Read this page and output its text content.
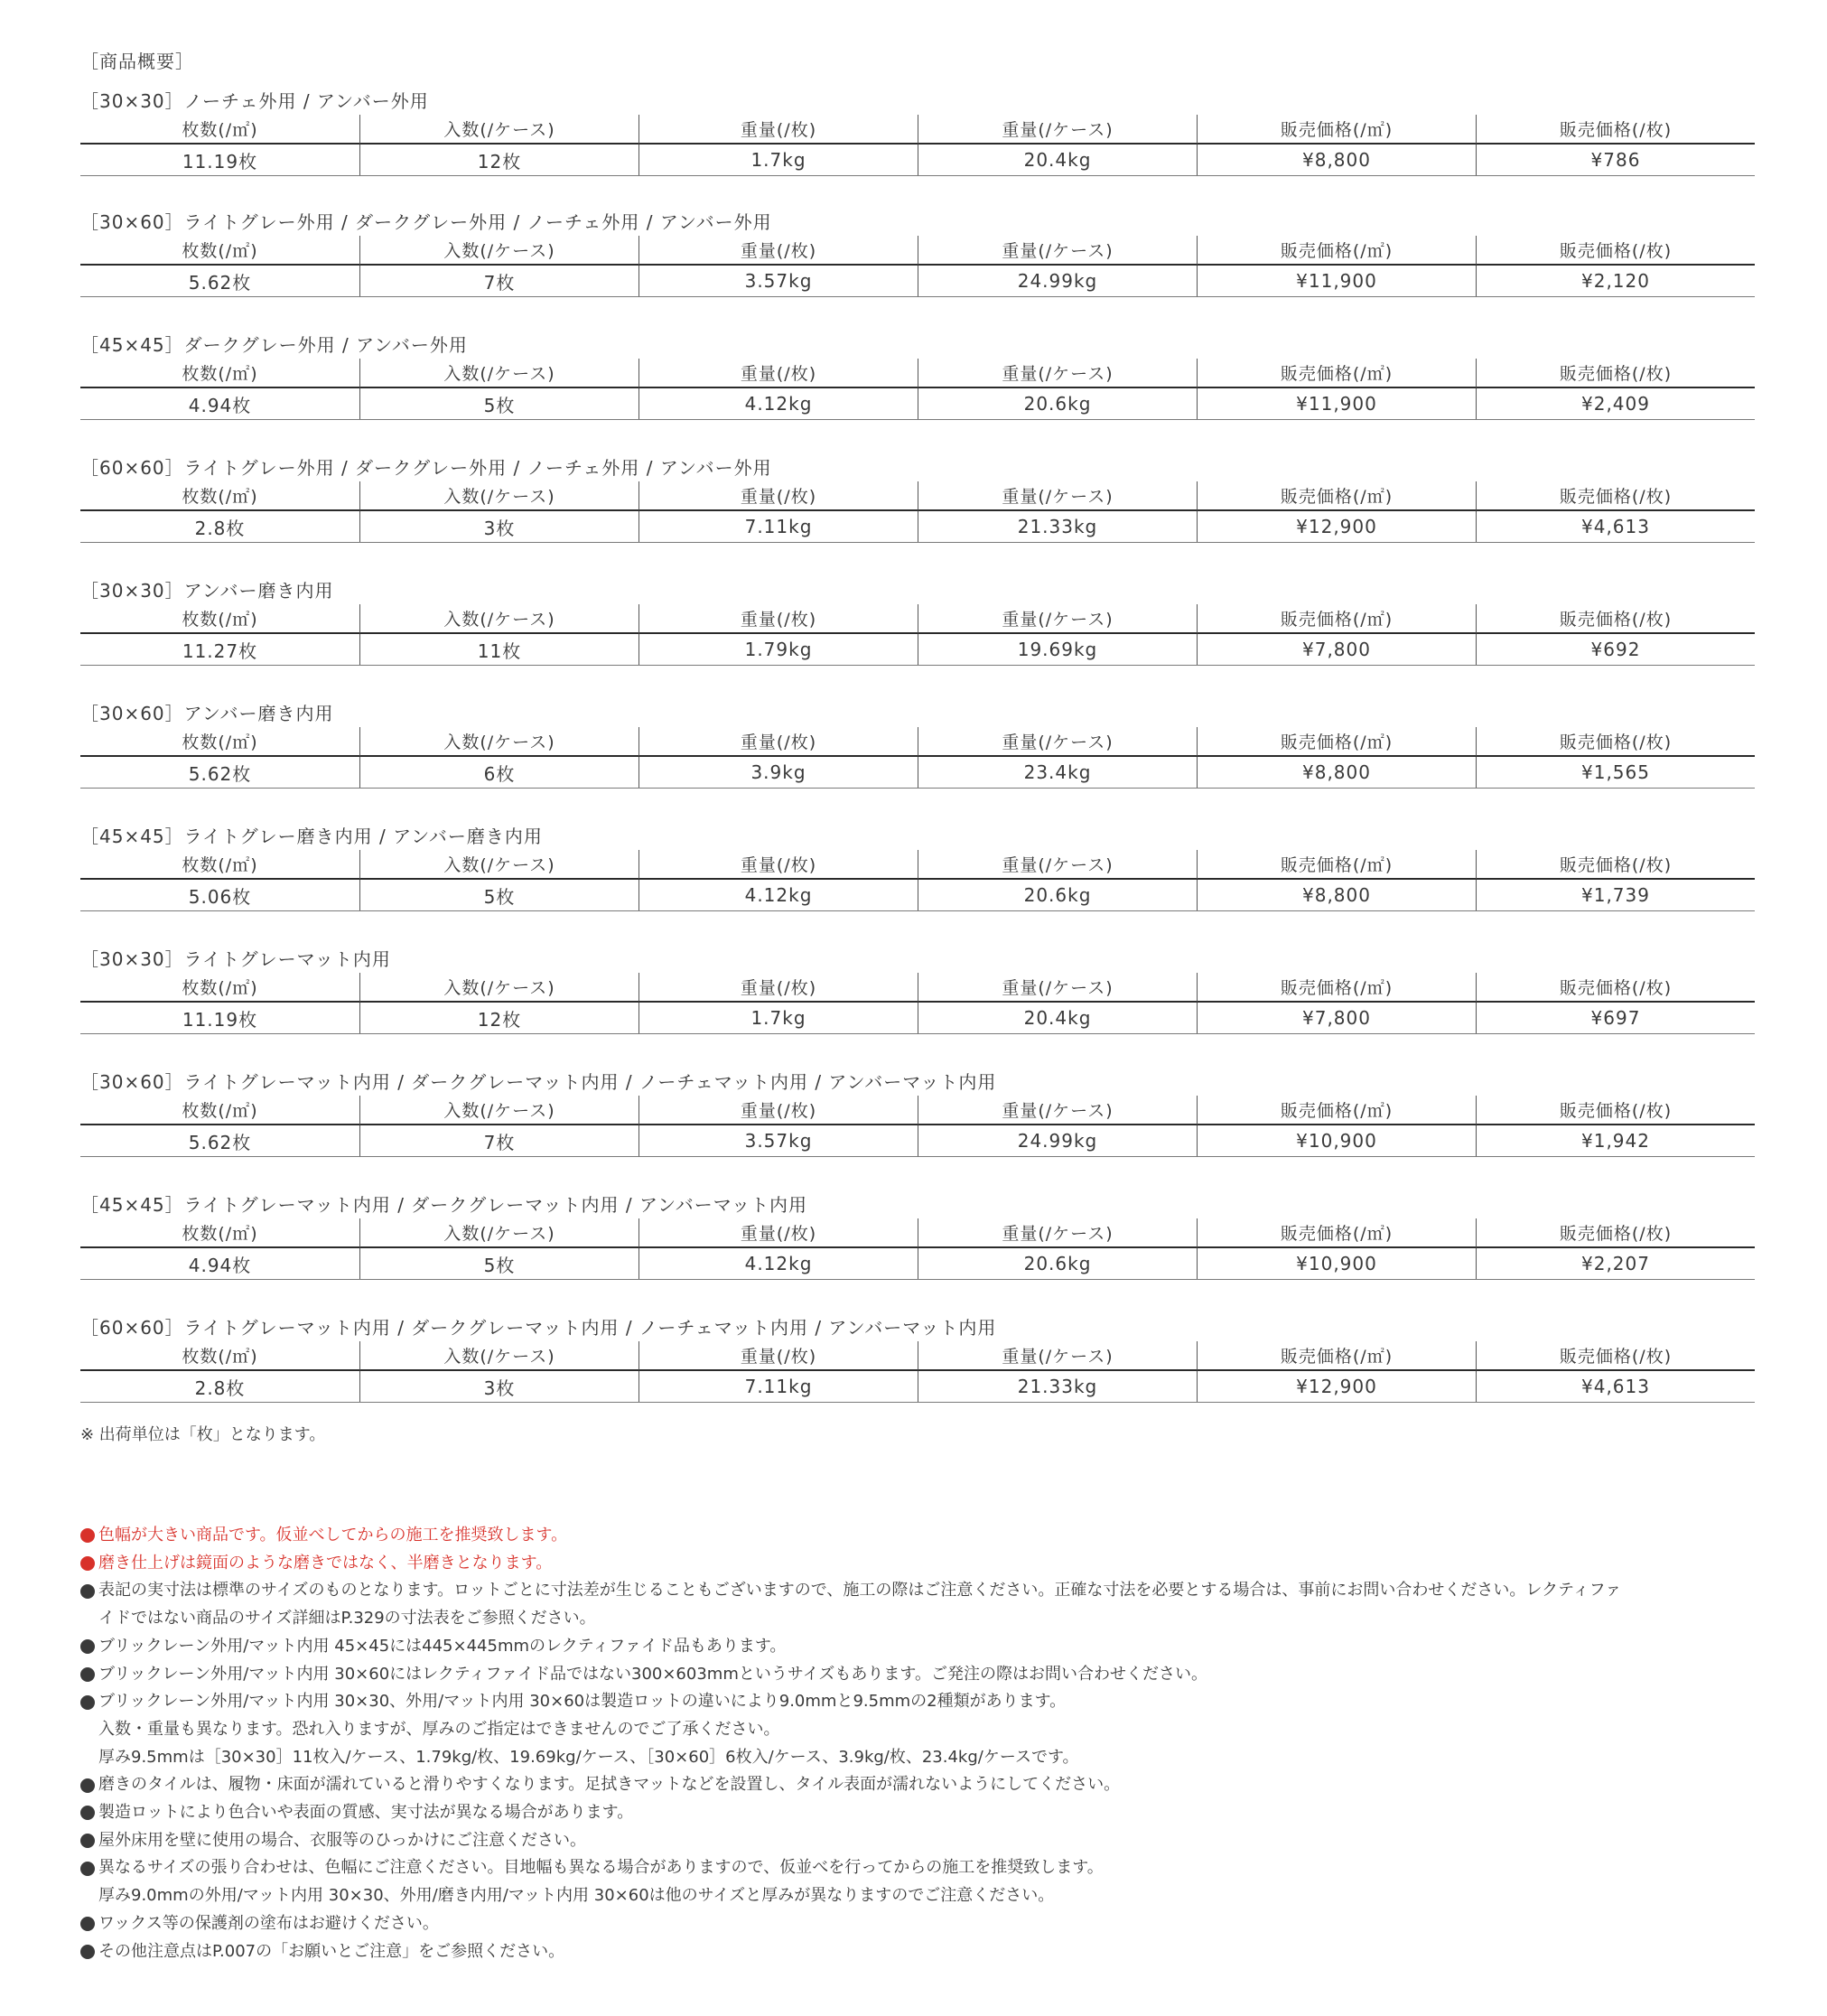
［商品概要］
［30×30］ノーチェ外用 / アンバー外用
枚数(/㎡)	入数(/ケース)	重量(/枚)	重量(/ケース)	販売価格(/㎡)	販売価格(/枚)
11.19枚	12枚	1.7kg	20.4kg	¥8,800	¥786
［30×60］ライトグレー外用 / ダークグレー外用 / ノーチェ外用 / アンバー外用
枚数(/㎡)	入数(/ケース)	重量(/枚)	重量(/ケース)	販売価格(/㎡)	販売価格(/枚)
5.62枚	7枚	3.57kg	24.99kg	¥11,900	¥2,120
［45×45］ダークグレー外用 / アンバー外用
枚数(/㎡)	入数(/ケース)	重量(/枚)	重量(/ケース)	販売価格(/㎡)	販売価格(/枚)
4.94枚	5枚	4.12kg	20.6kg	¥11,900	¥2,409
［60×60］ライトグレー外用 / ダークグレー外用 / ノーチェ外用 / アンバー外用
枚数(/㎡)	入数(/ケース)	重量(/枚)	重量(/ケース)	販売価格(/㎡)	販売価格(/枚)
2.8枚	3枚	7.11kg	21.33kg	¥12,900	¥4,613
［30×30］アンバー磨き内用
枚数(/㎡)	入数(/ケース)	重量(/枚)	重量(/ケース)	販売価格(/㎡)	販売価格(/枚)
11.27枚	11枚	1.79kg	19.69kg	¥7,800	¥692
［30×60］アンバー磨き内用
枚数(/㎡)	入数(/ケース)	重量(/枚)	重量(/ケース)	販売価格(/㎡)	販売価格(/枚)
5.62枚	6枚	3.9kg	23.4kg	¥8,800	¥1,565
［45×45］ライトグレー磨き内用 / アンバー磨き内用
枚数(/㎡)	入数(/ケース)	重量(/枚)	重量(/ケース)	販売価格(/㎡)	販売価格(/枚)
5.06枚	5枚	4.12kg	20.6kg	¥8,800	¥1,739
［30×30］ライトグレーマット内用
枚数(/㎡)	入数(/ケース)	重量(/枚)	重量(/ケース)	販売価格(/㎡)	販売価格(/枚)
11.19枚	12枚	1.7kg	20.4kg	¥7,800	¥697
［30×60］ライトグレーマット内用 / ダークグレーマット内用 / ノーチェマット内用 / アンバーマット内用
枚数(/㎡)	入数(/ケース)	重量(/枚)	重量(/ケース)	販売価格(/㎡)	販売価格(/枚)
5.62枚	7枚	3.57kg	24.99kg	¥10,900	¥1,942
［45×45］ライトグレーマット内用 / ダークグレーマット内用 / アンバーマット内用
枚数(/㎡)	入数(/ケース)	重量(/枚)	重量(/ケース)	販売価格(/㎡)	販売価格(/枚)
4.94枚	5枚	4.12kg	20.6kg	¥10,900	¥2,207
［60×60］ライトグレーマット内用 / ダークグレーマット内用 / ノーチェマット内用 / アンバーマット内用
枚数(/㎡)	入数(/ケース)	重量(/枚)	重量(/ケース)	販売価格(/㎡)	販売価格(/枚)
2.8枚	3枚	7.11kg	21.33kg	¥12,900	¥4,613
※ 出荷単位は「枚」となります。
色幅が大きい商品です。仮並べしてからの施工を推奨致します。
磨き仕上げは鏡面のような磨きではなく、半磨きとなります。
表記の実寸法は標準のサイズのものとなります。ロットごとに寸法差が生じることもございますので、施工の際はご注意ください。正確な寸法を必要とする場合は、事前にお問い合わせください。レクティファ
イドではない商品のサイズ詳細はP.329の寸法表をご参照ください。
ブリックレーン外用/マット内用 45×45には445×445mmのレクティファイド品もあります。
ブリックレーン外用/マット内用 30×60にはレクティファイド品ではない300×603mmというサイズもあります。ご発注の際はお問い合わせください。
ブリックレーン外用/マット内用 30×30、外用/マット内用 30×60は製造ロットの違いにより9.0mmと9.5mmの2種類があります。
入数・重量も異なります。恐れ入りますが、厚みのご指定はできませんのでご了承ください。
厚み9.5mmは［30×30］11枚入/ケース、1.79kg/枚、19.69kg/ケース、［30×60］6枚入/ケース、3.9kg/枚、23.4kg/ケースです。
磨きのタイルは、履物・床面が濡れていると滑りやすくなります。足拭きマットなどを設置し、タイル表面が濡れないようにしてください。
製造ロットにより色合いや表面の質感、実寸法が異なる場合があります。
屋外床用を壁に使用の場合、衣服等のひっかけにご注意ください。
異なるサイズの張り合わせは、色幅にご注意ください。目地幅も異なる場合がありますので、仮並べを行ってからの施工を推奨致します。
厚み9.0mmの外用/マット内用 30×30、外用/磨き内用/マット内用 30×60は他のサイズと厚みが異なりますのでご注意ください。
ワックス等の保護剤の塗布はお避けください。
その他注意点はP.007の「お願いとご注意」をご参照ください。
